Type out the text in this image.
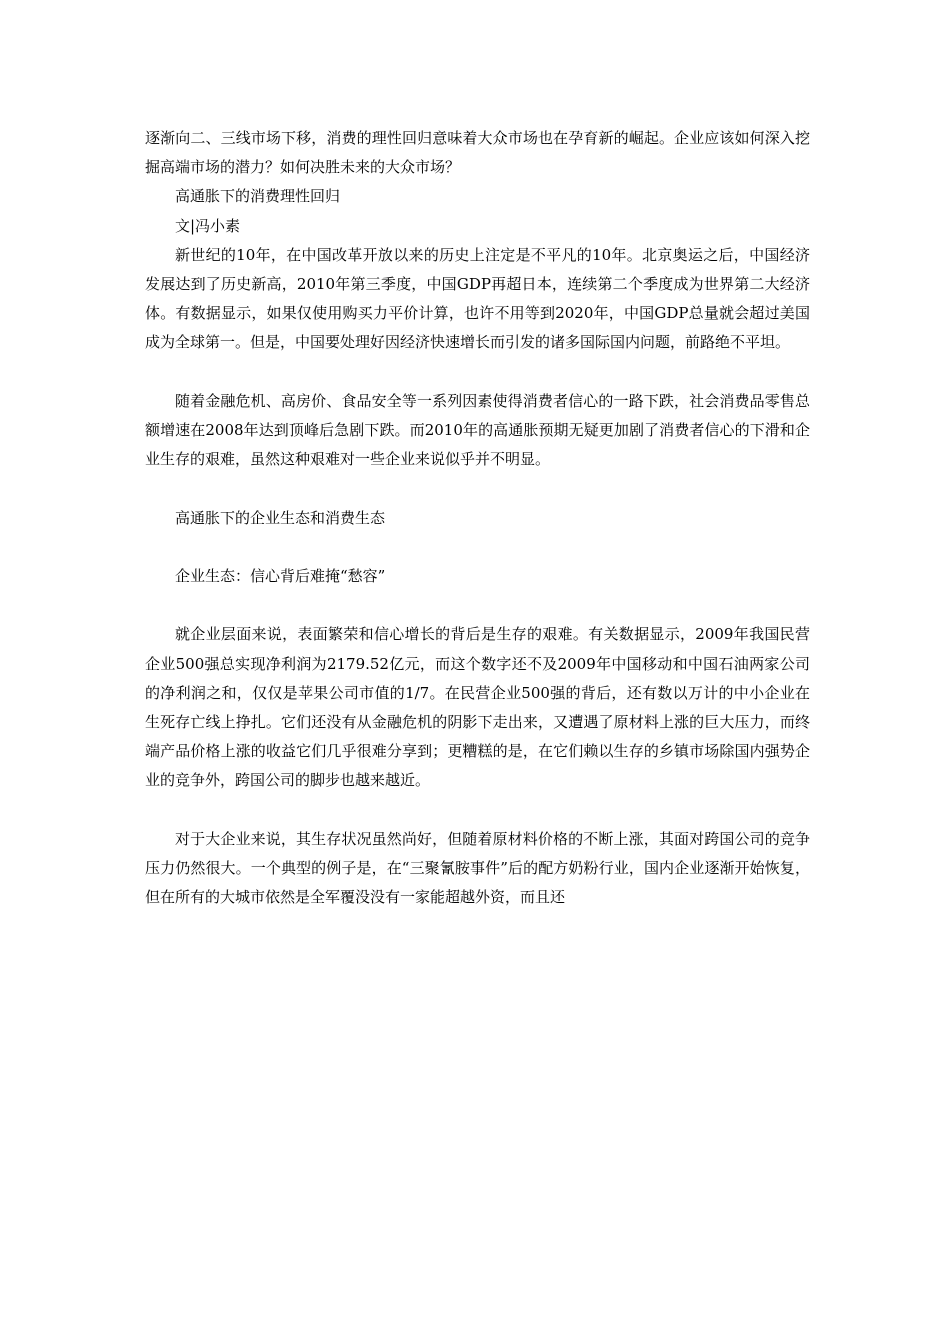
逐渐向二、三线市场下移，消费的理性回归意味着大众市场也在孕育新的崛起。企业应该如何深入挖掘高端市场的潜力？如何决胜未来的大众市场？

高通胀下的消费理性回归

文|冯小素

新世纪的10年，在中国改革开放以来的历史上注定是不平凡的10年。北京奥运之后，中国经济发展达到了历史新高，2010年第三季度，中国GDP再超日本，连续第二个季度成为世界第二大经济体。有数据显示，如果仅使用购买力平价计算，也许不用等到2020年，中国GDP总量就会超过美国成为全球第一。但是，中国要处理好因经济快速增长而引发的诸多国际国内问题，前路绝不平坦。

随着金融危机、高房价、食品安全等一系列因素使得消费者信心的一路下跌，社会消费品零售总额增速在2008年达到顶峰后急剧下跌。而2010年的高通胀预期无疑更加剧了消费者信心的下滑和企业生存的艰难，虽然这种艰难对一些企业来说似乎并不明显。

高通胀下的企业生态和消费生态

企业生态：信心背后难掩“愁容”

就企业层面来说，表面繁荣和信心增长的背后是生存的艰难。有关数据显示，2009年我国民营企业500强总实现净利润为2179.52亿元，而这个数字还不及2009年中国移动和中国石油两家公司的净利润之和，仅仅是苹果公司市值的1/7。在民营企业500强的背后，还有数以万计的中小企业在生死存亡线上挣扎。它们还没有从金融危机的阴影下走出来，又遭遇了原材料上涨的巨大压力，而终端产品价格上涨的收益它们几乎很难分享到；更糟糕的是，在它们赖以生存的乡镇市场除国内强势企业的竞争外，跨国公司的脚步也越来越近。

对于大企业来说，其生存状况虽然尚好，但随着原材料价格的不断上涨，其面对跨国公司的竞争压力仍然很大。一个典型的例子是，在“三聚氰胺事件”后的配方奶粉行业，国内企业逐渐开始恢复，但在所有的大城市依然是全军覆没没有一家能超越外资，而且还
